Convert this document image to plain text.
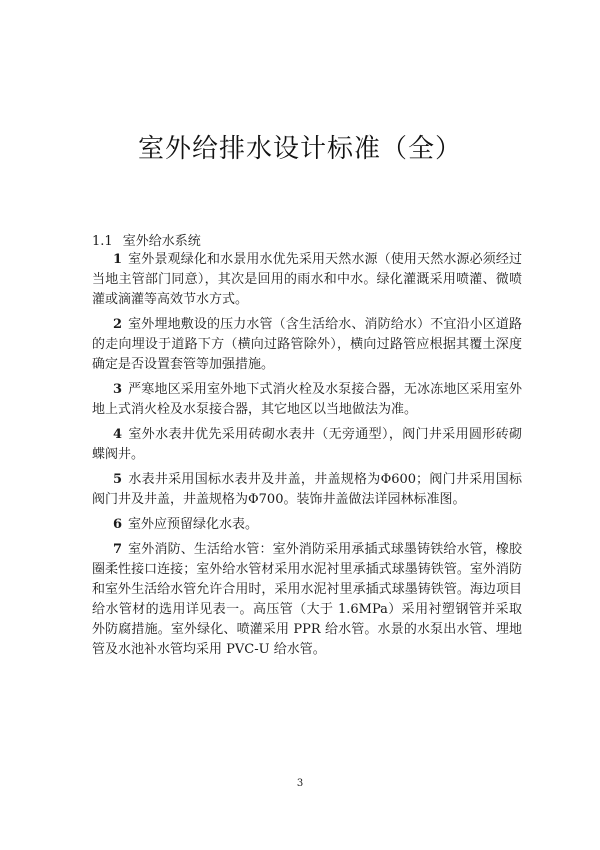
室外给排水设计标准（全）
1.1 室外给水系统

1 室外景观绿化和水景用水优先采用天然水源（使用天然水源必须经过当地主管部门同意），其次是回用的雨水和中水。绿化灌溉采用喷灌、微喷灌或滴灌等高效节水方式。

2 室外埋地敷设的压力水管（含生活给水、消防给水）不宜沿小区道路的走向埋设于道路下方（横向过路管除外），横向过路管应根据其覆土深度确定是否设置套管等加强措施。

3 严寒地区采用室外地下式消火栓及水泵接合器，无冰冻地区采用室外地上式消火栓及水泵接合器，其它地区以当地做法为准。

4 室外水表井优先采用砖砌水表井（无旁通型），阀门井采用圆形砖砌蝶阀井。

5 水表井采用国标水表井及井盖，井盖规格为Φ600；阀门井采用国标阀门井及井盖，井盖规格为Φ700。装饰井盖做法详园林标准图。

6 室外应预留绿化水表。

7 室外消防、生活给水管：室外消防采用承插式球墨铸铁给水管，橡胶圈柔性接口连接；室外给水管材采用水泥衬里承插式球墨铸铁管。室外消防和室外生活给水管允许合用时，采用水泥衬里承插式球墨铸铁管。海边项目给水管材的选用详见表一。高压管（大于 1.6MPa）采用衬塑钢管并采取外防腐措施。室外绿化、喷灌采用 PPR 给水管。水景的水泵出水管、埋地管及水池补水管均采用 PVC-U 给水管。

3
